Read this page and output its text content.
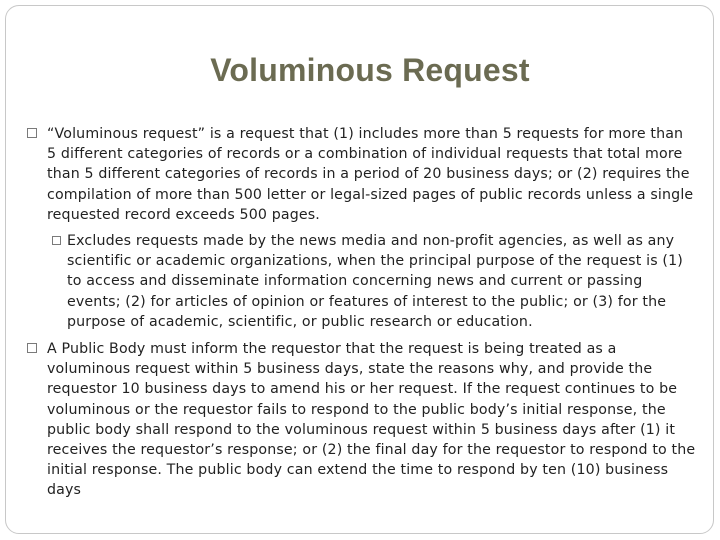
Voluminous Request
“Voluminous request” is a request that (1) includes more than 5 requests for more than 5 different categories of records or a combination of individual requests that total more than 5 different categories of records in a period of 20 business days; or (2) requires the compilation of more than 500 letter or legal-sized pages of public records unless a single requested record exceeds 500 pages.
Excludes requests made by the news media and non-profit agencies, as well as any scientific or academic organizations, when the principal purpose of the request is (1) to access and disseminate information concerning news and current or passing events; (2) for articles of opinion or features of interest to the public; or (3) for the purpose of academic, scientific, or public research or education.
A Public Body must inform the requestor that the request is being treated as a voluminous request within 5 business days, state the reasons why, and provide the requestor 10 business days to amend his or her request. If the request continues to be voluminous or the requestor fails to respond to the public body’s initial response, the public body shall respond to the voluminous request within 5 business days after (1) it receives the requestor’s response; or (2) the final day for the requestor to respond to the initial response. The public body can extend the time to respond by ten (10) business days
